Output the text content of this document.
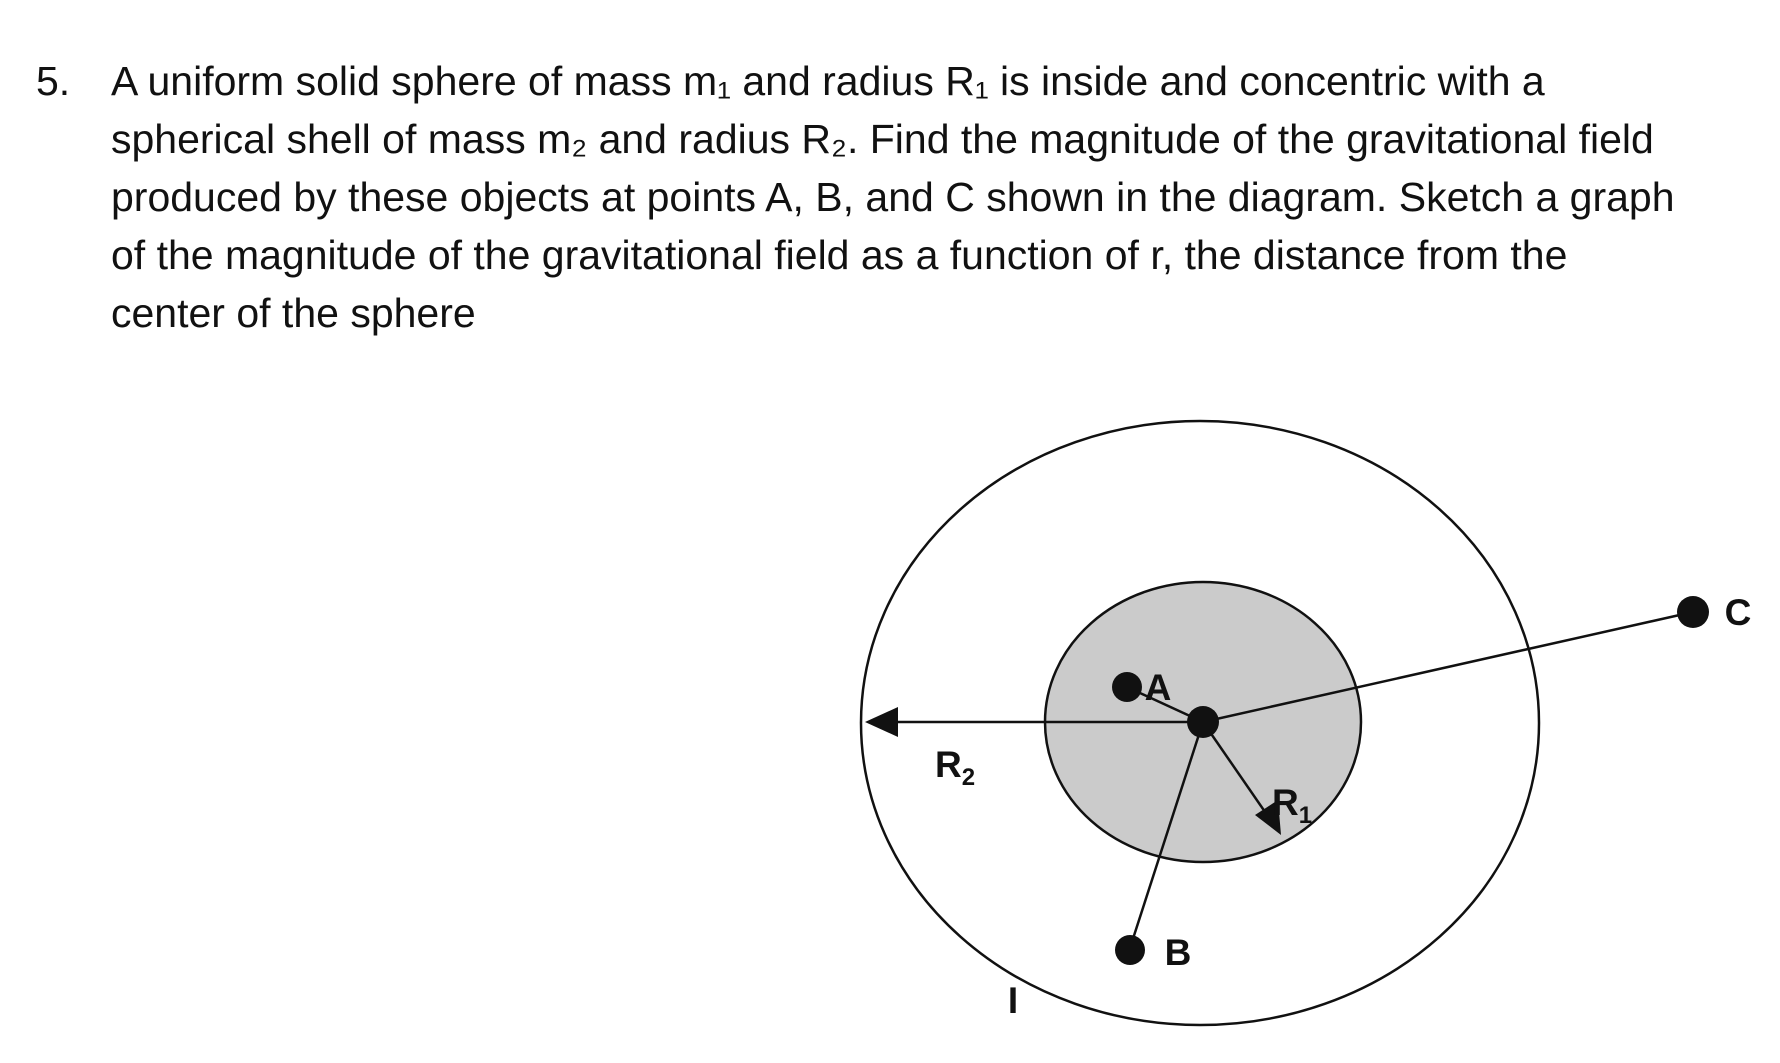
5. A uniform solid sphere of mass m₁ and radius R₁ is inside and concentric with a
spherical shell of mass m₂ and radius R₂. Find the magnitude of the gravitational field
produced by these objects at points A, B, and C shown in the diagram. Sketch a graph
of the magnitude of the gravitational field as a function of r, the distance from the
center of the sphere
A
B
C
$R_2$
$R_1$
I
